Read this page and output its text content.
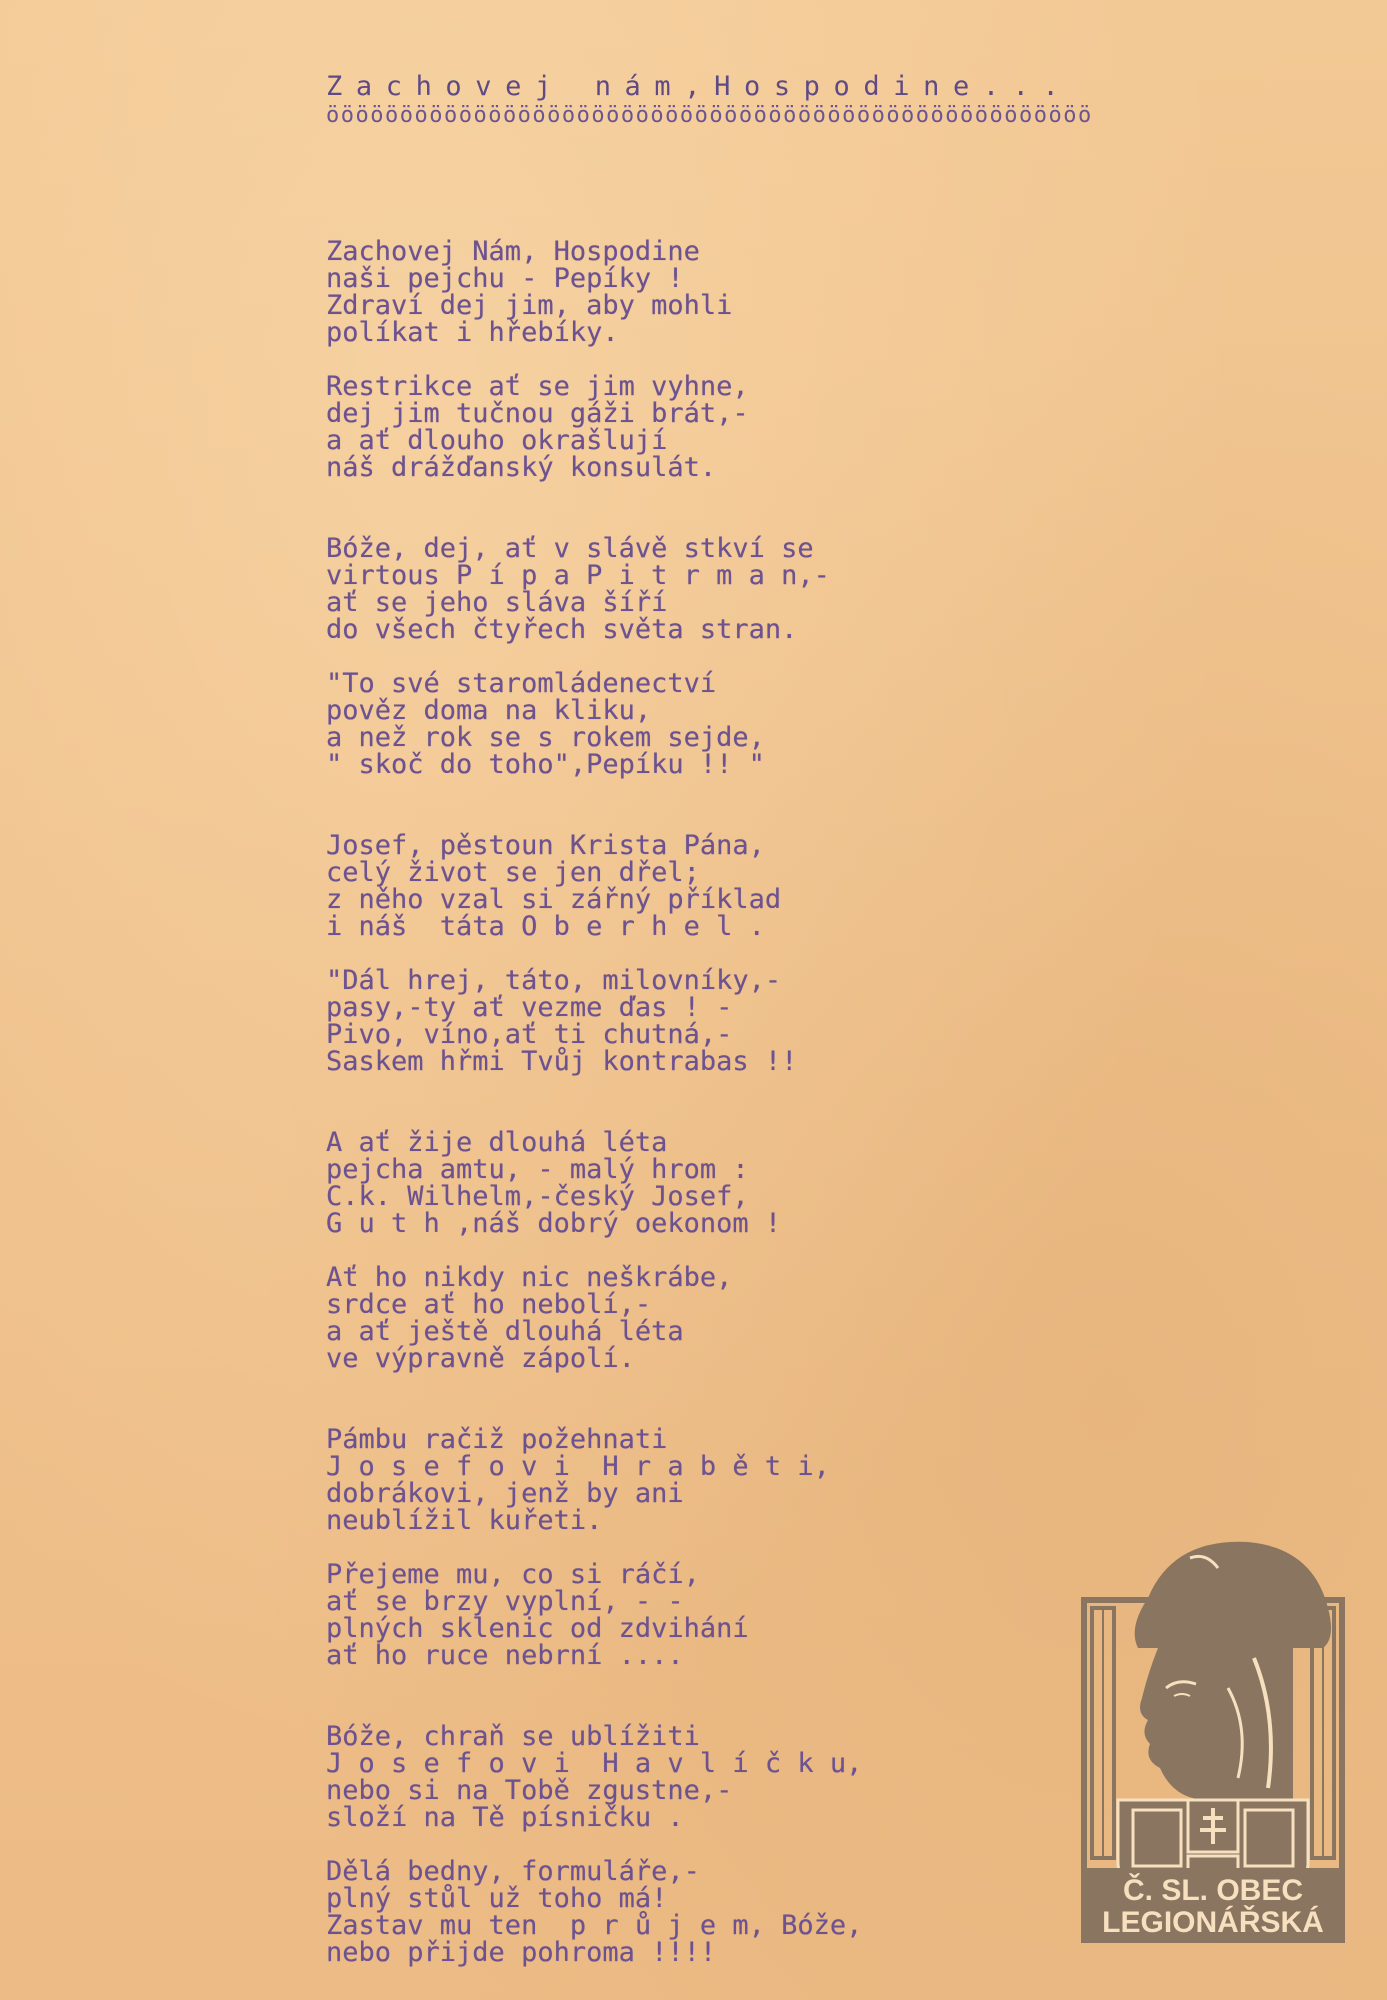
Zachovej nám,Hospodine...
öööööööööööööööööööööööööööööööööööööööööööööööööööö
Zachovej Nám, Hospodine
naši pejchu - Pepíky !
Zdraví dej jim, aby mohli
políkat i hřebíky.
Restrikce ať se jim vyhne,
dej jim tučnou gáži brát,-
a ať dlouho okrašlují
náš drážďanský konsulát.
Bóže, dej, ať v slávě stkví se
virtous P í p a P i t r m a n,-
ať se jeho sláva šíří
do všech čtyřech světa stran.
"To své staromládenectví
pověz doma na kliku,
a než rok se s rokem sejde,
" skoč do toho",Pepíku !! "
Josef, pěstoun Krista Pána,
celý život se jen dřel;
z něho vzal si zářný příklad
i náš  táta O b e r h e l .
"Dál hrej, táto, milovníky,-
pasy,-ty ať vezme ďas ! -
Pivo, víno,ať ti chutná,-
Saskem hřmi Tvůj kontrabas !!
A ať žije dlouhá léta
pejcha amtu, - malý hrom :
C.k. Wilhelm,-český Josef,
G u t h ,náš dobrý oekonom !
Ať ho nikdy nic neškrábe,
srdce ať ho nebolí,-
a ať ještě dlouhá léta
ve výpravně zápolí.
Pámbu račiž požehnati
J o s e f o v i  H r a b ě t i,
dobrákovi, jenž by ani
neublížil kuřeti.
Přejeme mu, co si ráčí,
ať se brzy vyplní, - -
plných sklenic od zdvihání
ať ho ruce nebrní ....
Bóže, chraň se ublížiti
J o s e f o v i  H a v l í č k u,
nebo si na Tobě zgustne,-
složí na Tě písničku .
Dělá bedny, formuláře,-
plný stůl už toho má!
Zastav mu ten  p r ů j e m, Bóže,
nebo přijde pohroma !!!!
Č. SL. OBEC
LEGIONÁŘSKÁ
